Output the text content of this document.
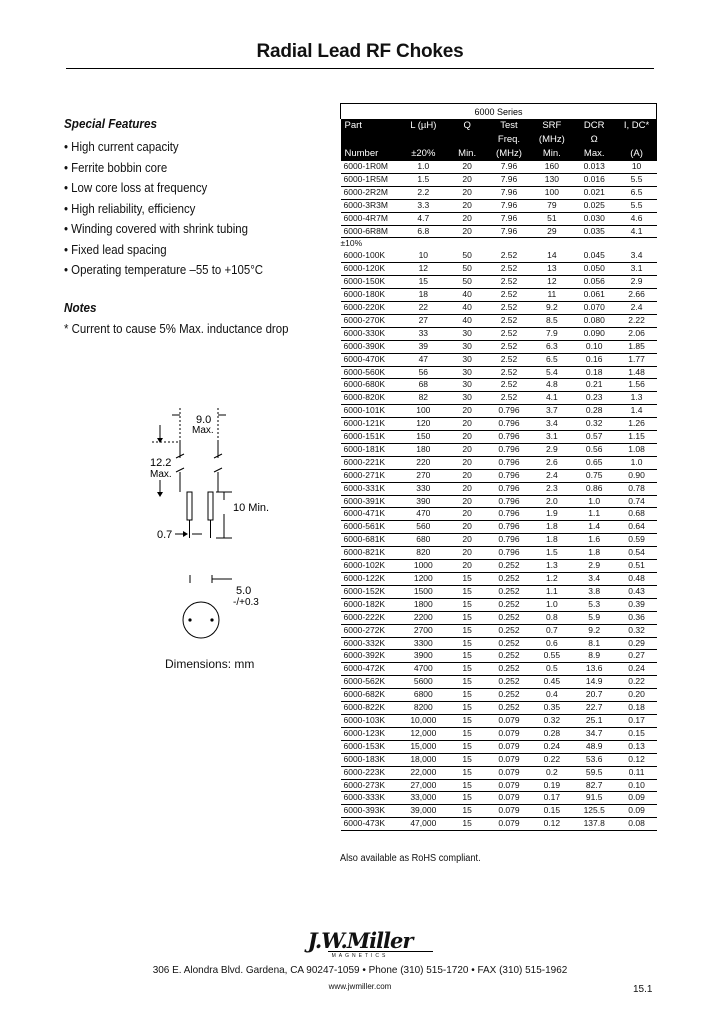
Radial Lead RF Chokes
Special Features
• High current capacity
• Ferrite bobbin core
• Low core loss at frequency
• High reliability, efficiency
• Winding covered with shrink tubing
• Fixed lead spacing
• Operating temperature –55 to +105°C
Notes
* Current to cause 5% Max. inductance drop
9.0
Max.
12.2
Max.
10 Min.
0.7
5.0
-/+0.3
Dimensions: mm
6000 Series						
Part	L (µH)	Q	Test	SRF	DCR	I, DC*
			Freq.	(MHz)	Ω	
Number	±20%	Min.	(MHz)	Min.	Max.	(A)
6000-1R0M	1.0	20	7.96	160	0.013	10
6000-1R5M	1.5	20	7.96	130	0.016	5.5
6000-2R2M	2.2	20	7.96	100	0.021	6.5
6000-3R3M	3.3	20	7.96	79	0.025	5.5
6000-4R7M	4.7	20	7.96	51	0.030	4.6
6000-6R8M	6.8	20	7.96	29	0.035	4.1
±10%						
6000-100K	10	50	2.52	14	0.045	3.4
6000-120K	12	50	2.52	13	0.050	3.1
6000-150K	15	50	2.52	12	0.056	2.9
6000-180K	18	40	2.52	11	0.061	2.66
6000-220K	22	40	2.52	9.2	0.070	2.4
6000-270K	27	40	2.52	8.5	0.080	2.22
6000-330K	33	30	2.52	7.9	0.090	2.06
6000-390K	39	30	2.52	6.3	0.10	1.85
6000-470K	47	30	2.52	6.5	0.16	1.77
6000-560K	56	30	2.52	5.4	0.18	1.48
6000-680K	68	30	2.52	4.8	0.21	1.56
6000-820K	82	30	2.52	4.1	0.23	1.3
6000-101K	100	20	0.796	3.7	0.28	1.4
6000-121K	120	20	0.796	3.4	0.32	1.26
6000-151K	150	20	0.796	3.1	0.57	1.15
6000-181K	180	20	0.796	2.9	0.56	1.08
6000-221K	220	20	0.796	2.6	0.65	1.0
6000-271K	270	20	0.796	2.4	0.75	0.90
6000-331K	330	20	0.796	2.3	0.86	0.78
6000-391K	390	20	0.796	2.0	1.0	0.74
6000-471K	470	20	0.796	1.9	1.1	0.68
6000-561K	560	20	0.796	1.8	1.4	0.64
6000-681K	680	20	0.796	1.8	1.6	0.59
6000-821K	820	20	0.796	1.5	1.8	0.54
6000-102K	1000	20	0.252	1.3	2.9	0.51
6000-122K	1200	15	0.252	1.2	3.4	0.48
6000-152K	1500	15	0.252	1.1	3.8	0.43
6000-182K	1800	15	0.252	1.0	5.3	0.39
6000-222K	2200	15	0.252	0.8	5.9	0.36
6000-272K	2700	15	0.252	0.7	9.2	0.32
6000-332K	3300	15	0.252	0.6	8.1	0.29
6000-392K	3900	15	0.252	0.55	8.9	0.27
6000-472K	4700	15	0.252	0.5	13.6	0.24
6000-562K	5600	15	0.252	0.45	14.9	0.22
6000-682K	6800	15	0.252	0.4	20.7	0.20
6000-822K	8200	15	0.252	0.35	22.7	0.18
6000-103K	10,000	15	0.079	0.32	25.1	0.17
6000-123K	12,000	15	0.079	0.28	34.7	0.15
6000-153K	15,000	15	0.079	0.24	48.9	0.13
6000-183K	18,000	15	0.079	0.22	53.6	0.12
6000-223K	22,000	15	0.079	0.2	59.5	0.11
6000-273K	27,000	15	0.079	0.19	82.7	0.10
6000-333K	33,000	15	0.079	0.17	91.5	0.09
6000-393K	39,000	15	0.079	0.15	125.5	0.09
6000-473K	47,000	15	0.079	0.12	137.8	0.08
Also available as RoHS compliant.
J.W.Miller
MAGNETICS
306 E. Alondra Blvd. Gardena, CA 90247-1059 • Phone (310) 515-1720 • FAX (310) 515-1962
www.jwmiller.com	15.1
